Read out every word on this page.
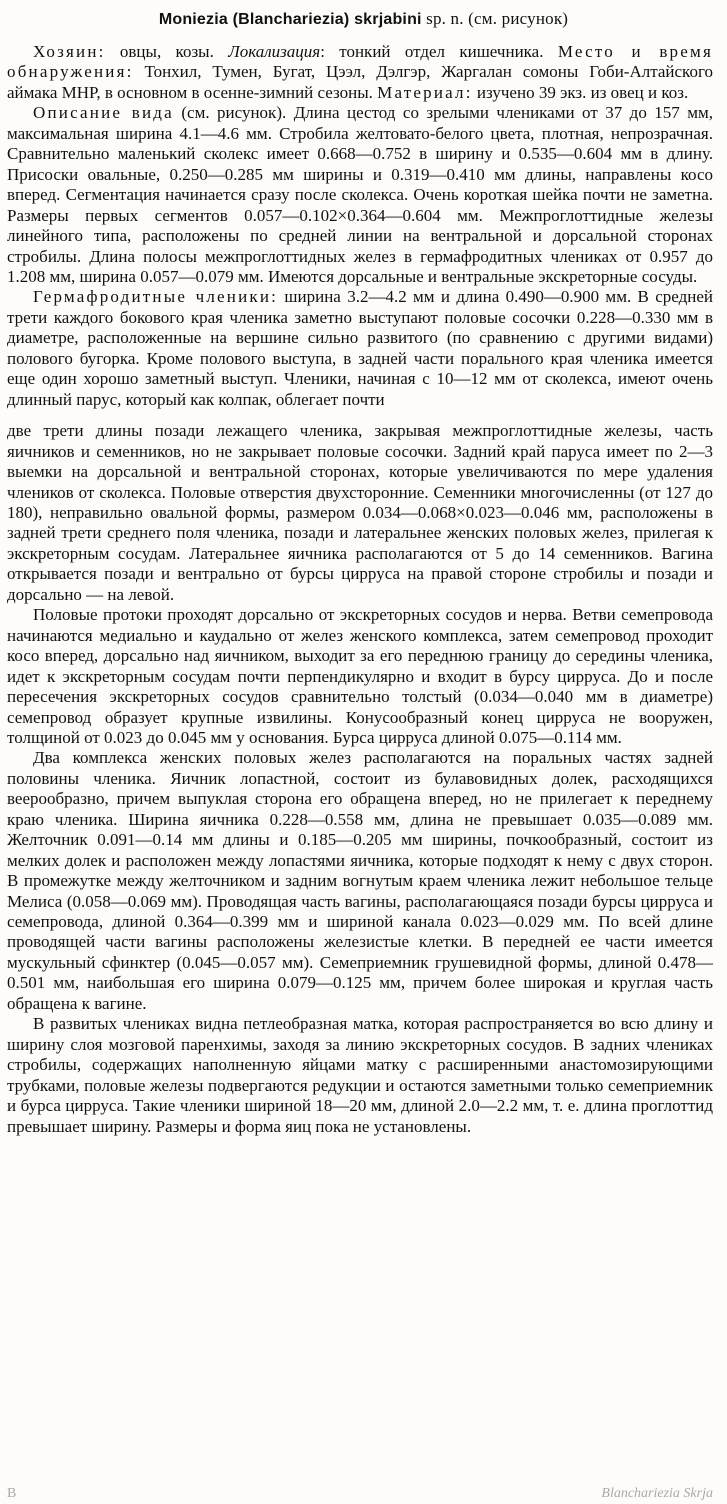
Moniezia (Blanchariezia) skrjabini sp. n. (см. рисунок)

Хозяин: овцы, козы. Локализация: тонкий отдел кишечника. Место и время обнаружения: Тонхил, Тумен, Бугат, Цээл, Дэлгэр, Жаргалан сомоны Гоби-Алтайского аймака МНР, в основном в осенне-зимний сезоны. Материал: изучено 39 экз. из овец и коз.

Описание вида (см. рисунок). Длина цестод со зрелыми члениками от 37 до 157 мм, максимальная ширина 4.1—4.6 мм. Стробила желтовато-белого цвета, плотная, непрозрачная. Сравнительно маленький сколекс имеет 0.668—0.752 в ширину и 0.535—0.604 мм в длину. Присоски овальные, 0.250—0.285 мм ширины и 0.319—0.410 мм длины, направлены косо вперед. Сегментация начинается сразу после сколекса. Очень короткая шейка почти не заметна. Размеры первых сегментов 0.057—0.102×0.364—0.604 мм. Межпроглоттидные железы линейного типа, расположены по средней линии на вентральной и дорсальной сторонах стробилы. Длина полосы межпроглоттидных желез в гермафродитных члениках от 0.957 до 1.208 мм, ширина 0.057—0.079 мм. Имеются дорсальные и вентральные экскреторные сосуды.

Гермафродитные членики: ширина 3.2—4.2 мм и длина 0.490—0.900 мм. В средней трети каждого бокового края членика заметно выступают половые сосочки 0.228—0.330 мм в диаметре, расположенные на вершине сильно развитого (по сравнению с другими видами) полового бугорка. Кроме полового выступа, в задней части порального края членика имеется еще один хорошо заметный выступ. Членики, начиная с 10—12 мм от сколекса, имеют очень длинный парус, который как колпак, облегает почти

две трети длины позади лежащего членика, закрывая межпроглоттидные железы, часть яичников и семенников, но не закрывает половые сосочки. Задний край паруса имеет по 2—3 выемки на дорсальной и вентральной сторонах, которые увеличиваются по мере удаления члеников от сколекса. Половые отверстия двухсторонние. Семенники многочисленны (от 127 до 180), неправильно овальной формы, размером 0.034—0.068×0.023—0.046 мм, расположены в задней трети среднего поля членика, позади и латеральнее женских половых желез, прилегая к экскреторным сосудам. Латеральнее яичника располагаются от 5 до 14 семенников. Вагина открывается позади и вентрально от бурсы цирруса на правой стороне стробилы и позади и дорсально — на левой.

Половые протоки проходят дорсально от экскреторных сосудов и нерва. Ветви семепровода начинаются медиально и каудально от желез женского комплекса, затем семепровод проходит косо вперед, дорсально над яичником, выходит за его переднюю границу до середины членика, идет к экскреторным сосудам почти перпендикулярно и входит в бурсу цирруса. До и после пересечения экскреторных сосудов сравнительно толстый (0.034—0.040 мм в диаметре) семепровод образует крупные извилины. Конусообразный конец цирруса не вооружен, толщиной от 0.023 до 0.045 мм у основания. Бурса цирруса длиной 0.075—0.114 мм.

Два комплекса женских половых желез располагаются на поральных частях задней половины членика. Яичник лопастной, состоит из булавовидных долек, расходящихся веерообразно, причем выпуклая сторона его обращена вперед, но не прилегает к переднему краю членика. Ширина яичника 0.228—0.558 мм, длина не превышает 0.035—0.089 мм. Желточник 0.091—0.14 мм длины и 0.185—0.205 мм ширины, почкообразный, состоит из мелких долек и расположен между лопастями яичника, которые подходят к нему с двух сторон. В промежутке между желточником и задним вогнутым краем членика лежит небольшое тельце Мелиса (0.058—0.069 мм). Проводящая часть вагины, располагающаяся позади бурсы цирруса и семепровода, длиной 0.364—0.399 мм и шириной канала 0.023—0.029 мм. По всей длине проводящей части вагины расположены железистые клетки. В передней ее части имеется мускульный сфинктер (0.045—0.057 мм). Семеприемник грушевидной формы, длиной 0.478—0.501 мм, наибольшая его ширина 0.079—0.125 мм, причем более широкая и круглая часть обращена к вагине.

В развитых члениках видна петлеобразная матка, которая распространяется во всю длину и ширину слоя мозговой паренхимы, заходя за линию экскреторных сосудов. В задних члениках стробилы, содержащих наполненную яйцами матку с расширенными анастомозирующими трубками, половые железы подвергаются редукции и остаются заметными только семеприемник и бурса цирруса. Такие членики шириной 18—20 мм, длиной 2.0—2.2 мм, т. е. длина проглоттид превышает ширину. Размеры и форма яиц пока не установлены.

В	Blanchariezia Skrja
